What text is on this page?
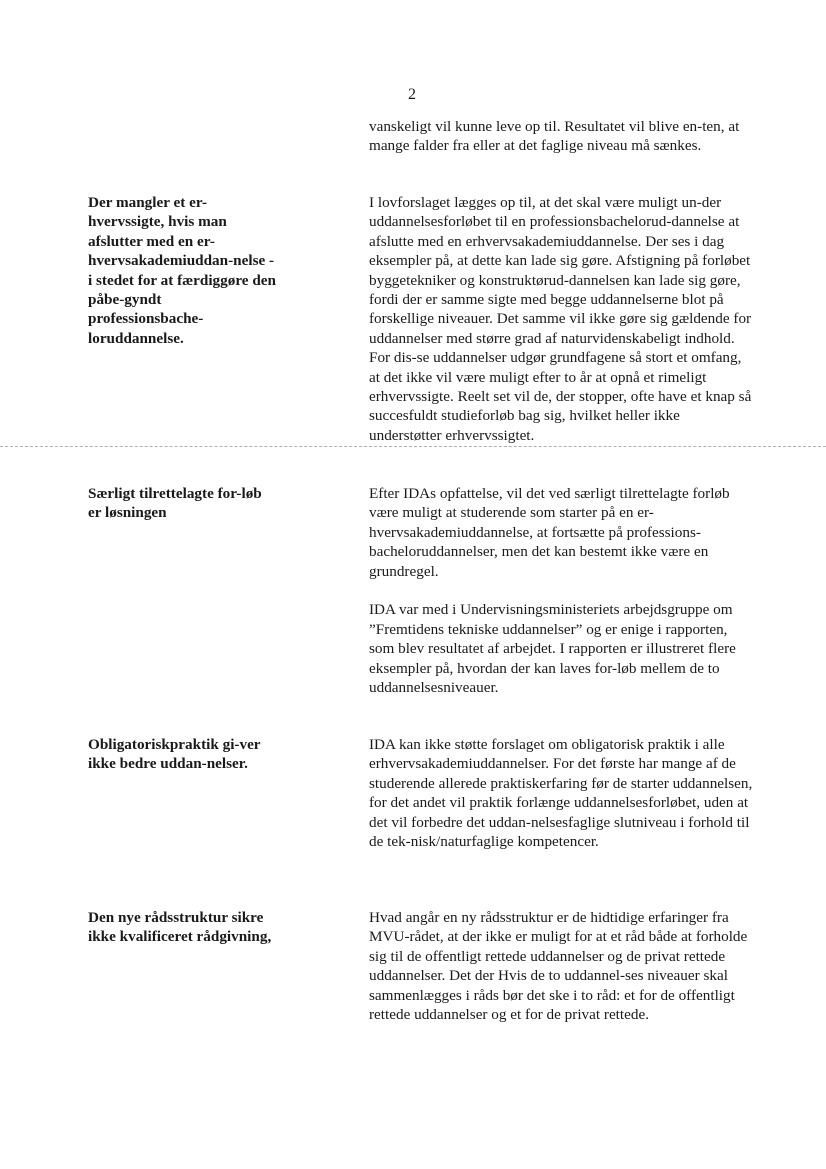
2

vanskeligt vil kunne leve op til. Resultatet vil blive en-ten, at mange falder fra eller at det faglige niveau må sænkes.

Der mangler et er-hvervssigte, hvis man afslutter med en er-hvervsakademiuddan-nelse - i stedet for at færdiggøre den påbe-gyndt professionsbache-loruddannelse.

I lovforslaget lægges op til, at det skal være muligt un-der uddannelsesforløbet til en professionsbachelorud-dannelse at afslutte med en erhvervsakademiuddannelse. Der ses i dag eksempler på, at dette kan lade sig gøre. Afstigning på forløbet byggetekniker og konstruktørud-dannelsen kan lade sig gøre, fordi der er samme sigte med begge uddannelserne blot på forskellige niveauer. Det samme vil ikke gøre sig gældende for uddannelser med større grad af naturvidenskabeligt indhold. For dis-se uddannelser udgør grundfagene så stort et omfang, at det ikke vil være muligt efter to år at opnå et rimeligt erhvervssigte. Reelt set vil de, der stopper, ofte have et knap så succesfuldt studieforløb bag sig, hvilket heller ikke understøtter erhvervssigtet.

Særligt tilrettelagte for-løb er løsningen

Efter IDAs opfattelse, vil det ved særligt tilrettelagte forløb være muligt at studerende som starter på en er-hvervsakademiuddannelse, at fortsætte på professions-bacheloruddannelser, men det kan bestemt ikke være en grundregel.

IDA var med i Undervisningsministeriets arbejdsgruppe om ”Fremtidens tekniske uddannelser” og er enige i rapporten, som blev resultatet af arbejdet. I rapporten er illustreret flere eksempler på, hvordan der kan laves for-løb mellem de to uddannelsesniveauer.

Obligatoriskpraktik gi-ver ikke bedre uddan-nelser.

IDA kan ikke støtte forslaget om obligatorisk praktik i alle erhvervsakademiuddannelser. For det første har mange af de studerende allerede praktiskerfaring før de starter uddannelsen, for det andet vil praktik forlænge uddannelsesforløbet, uden at det vil forbedre det uddan-nelsesfaglige slutniveau i forhold til de tek-nisk/naturfaglige kompetencer.

Den nye rådsstruktur sikre ikke kvalificeret rådgivning,

Hvad angår en ny rådsstruktur er de hidtidige erfaringer fra MVU-rådet, at der ikke er muligt for at et råd både at forholde sig til de offentligt rettede uddannelser og de privat rettede uddannelser. Det der Hvis de to uddannel-ses niveauer skal sammenlægges i råds bør det ske i to råd: et for de offentligt rettede uddannelser og et for de privat rettede.
